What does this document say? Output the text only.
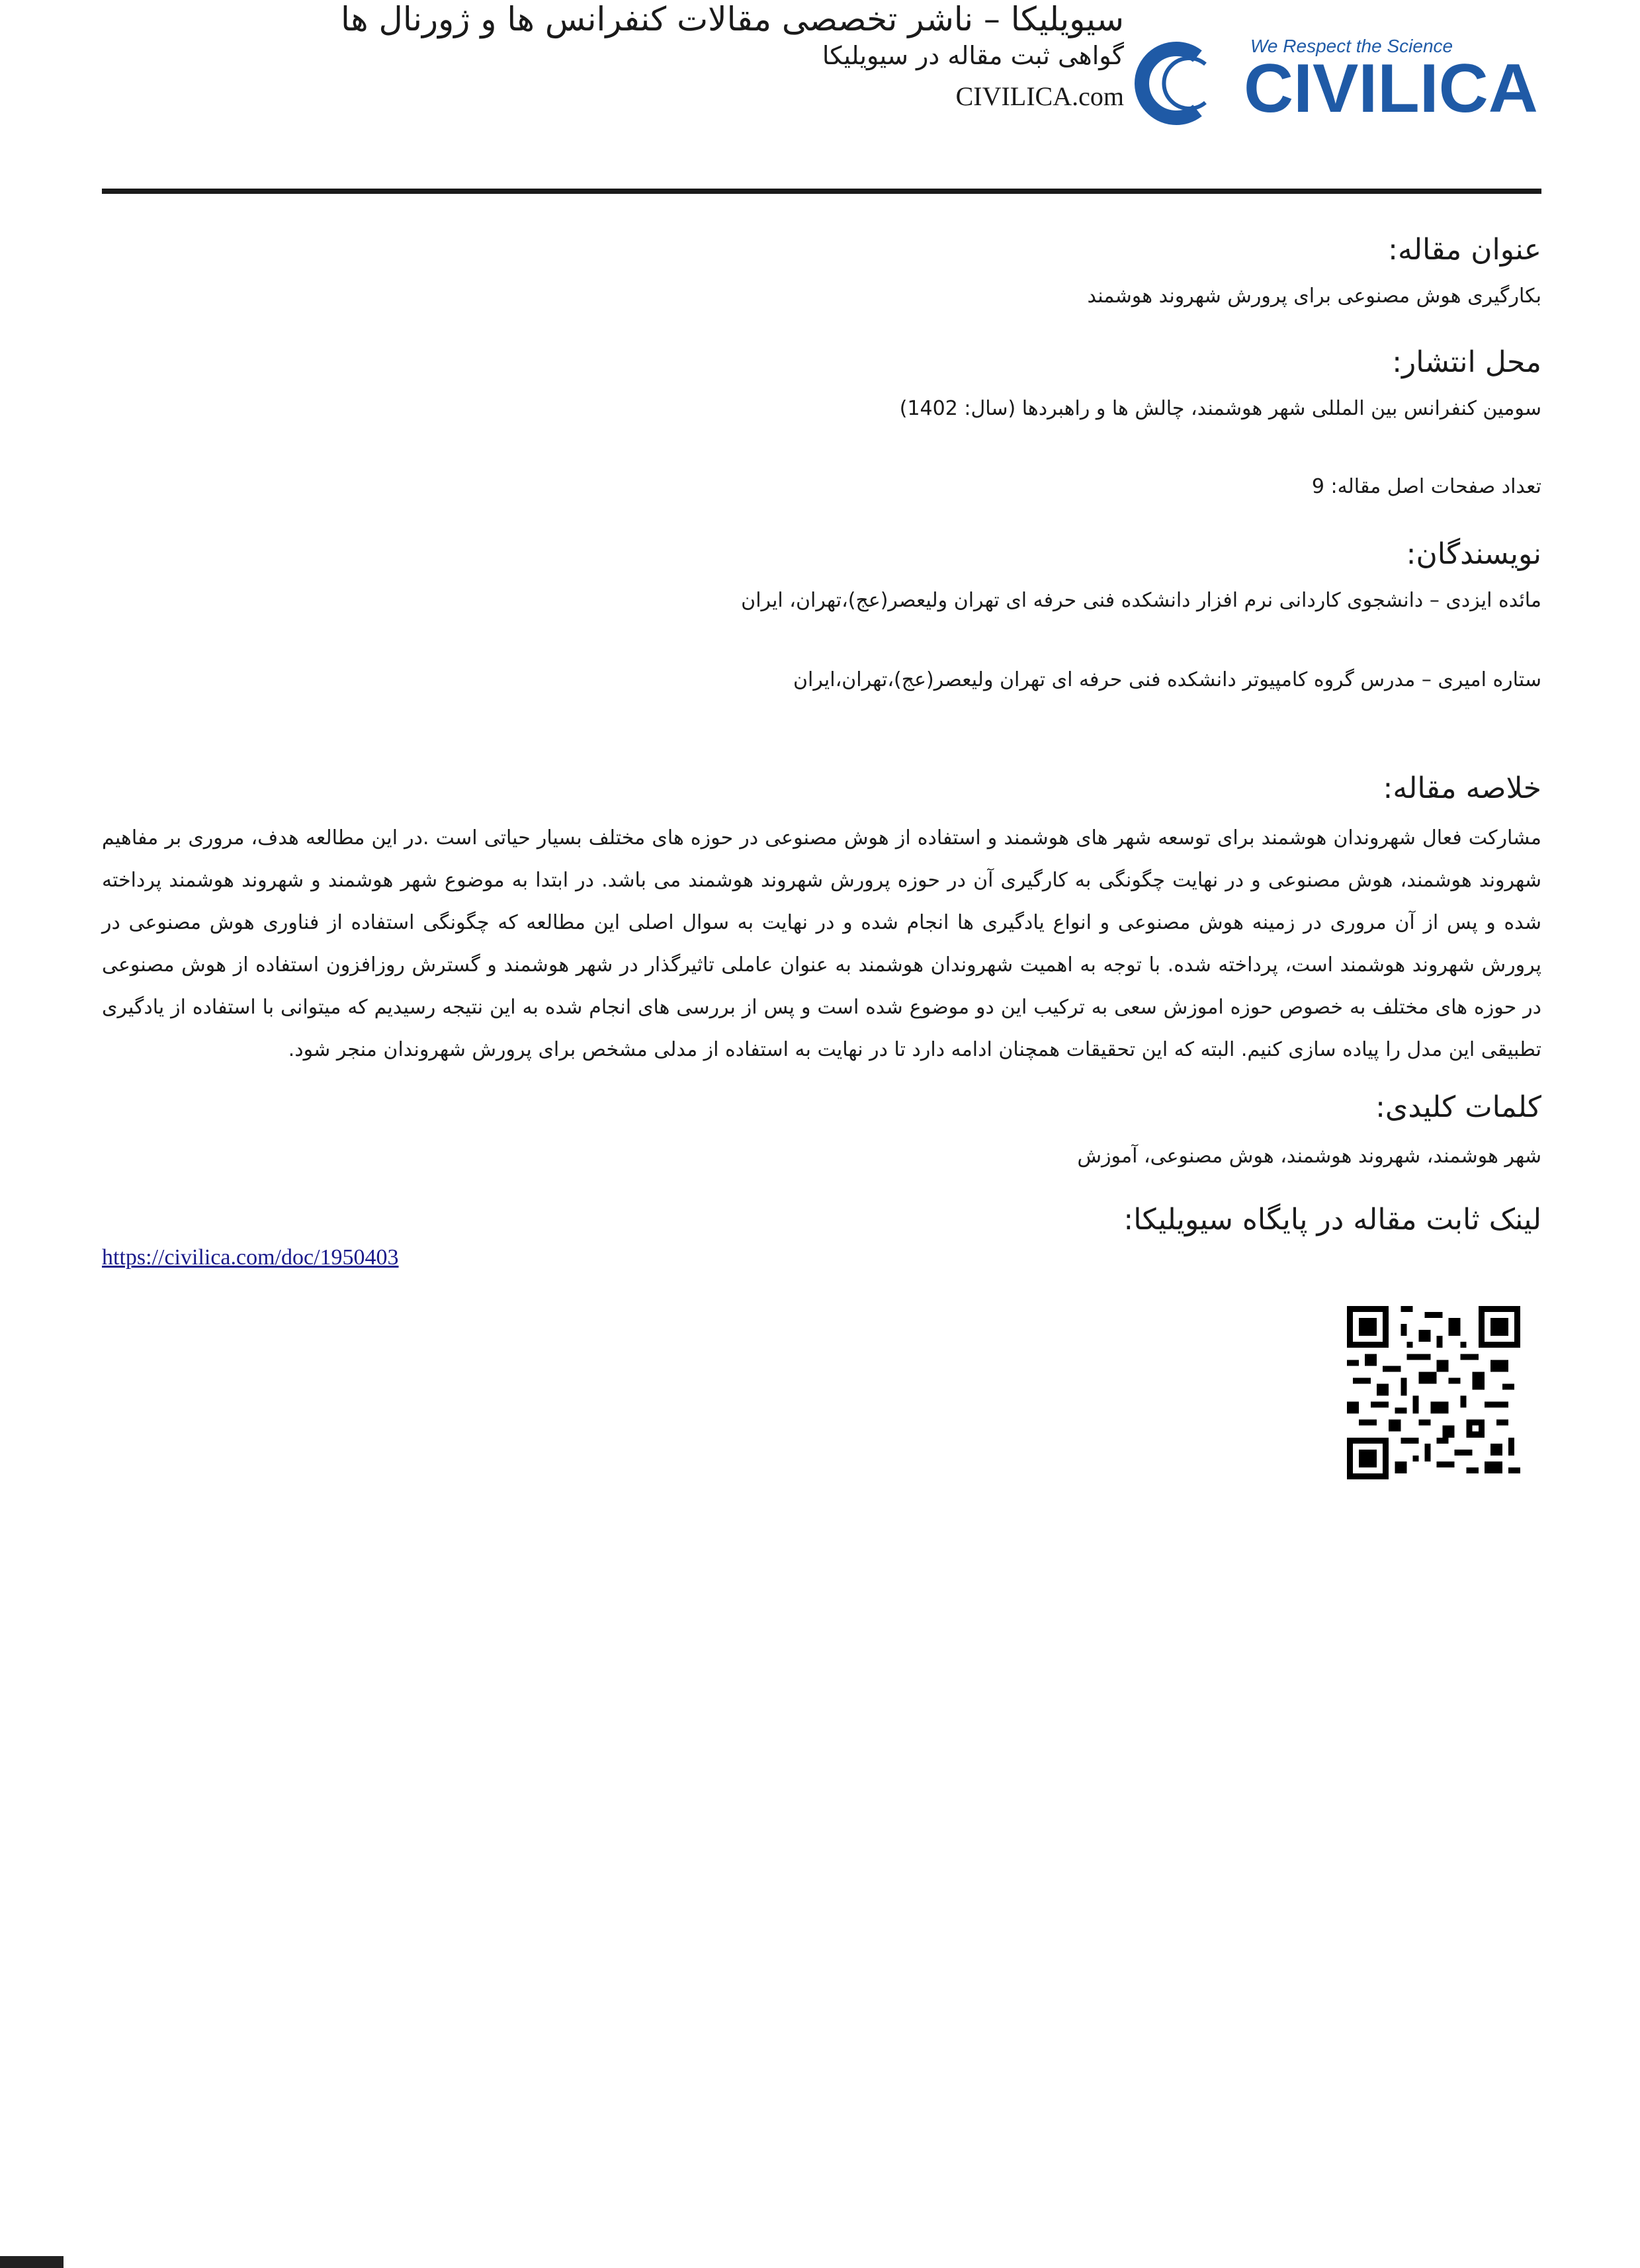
سیویلیکا – ناشر تخصصی مقالات کنفرانس ها و ژورنال ها
گواهی ثبت مقاله در سیویلیکا
CIVILICA.com
We Respect the Science
CIVILICA
عنوان مقاله:
بکارگیری هوش مصنوعی برای پرورش شهروند هوشمند
محل انتشار:
سومین کنفرانس بین المللی شهر هوشمند، چالش ها و راهبردها (سال: 1402)
تعداد صفحات اصل مقاله: 9
نویسندگان:
مائده ایزدی – دانشجوی کاردانی نرم افزار دانشکده فنی حرفه ای تهران ولیعصر(عج)،تهران، ایران
ستاره امیری – مدرس گروه کامپیوتر دانشکده فنی حرفه ای تهران ولیعصر(عج)،تهران،ایران
خلاصه مقاله:
مشارکت فعال شهروندان هوشمند برای توسعه شهر های هوشمند و استفاده از هوش مصنوعی در حوزه های مختلف بسیار حیاتی است .در این مطالعه هدف، مروری بر مفاهیم شهروند هوشمند، هوش مصنوعی و در نهایت چگونگی به کارگیری آن در حوزه پرورش شهروند هوشمند می باشد. در ابتدا به موضوع شهر هوشمند و شهروند هوشمند پرداخته شده و پس از آن مروری در زمینه هوش مصنوعی و انواع یادگیری ها انجام شده و در نهایت به سوال اصلی این مطالعه که چگونگی استفاده از فناوری هوش مصنوعی در پرورش شهروند هوشمند است، پرداخته شده. با توجه به اهمیت شهروندان هوشمند به عنوان عاملی تاثیرگذار در شهر هوشمند و گسترش روزافزون استفاده از هوش مصنوعی در حوزه های مختلف به خصوص حوزه اموزش سعی به ترکیب این دو موضوع شده است و پس از بررسی های انجام شده به این نتیجه رسیدیم که میتوانی با استفاده از یادگیری تطبیقی این مدل را پیاده سازی کنیم. البته که این تحقیقات همچنان ادامه دارد تا در نهایت به استفاده از مدلی مشخص برای پرورش شهروندان منجر شود.
کلمات کلیدی:
شهر هوشمند، شهروند هوشمند، هوش مصنوعی، آموزش
لینک ثابت مقاله در پایگاه سیویلیکا:
https://civilica.com/doc/1950403
